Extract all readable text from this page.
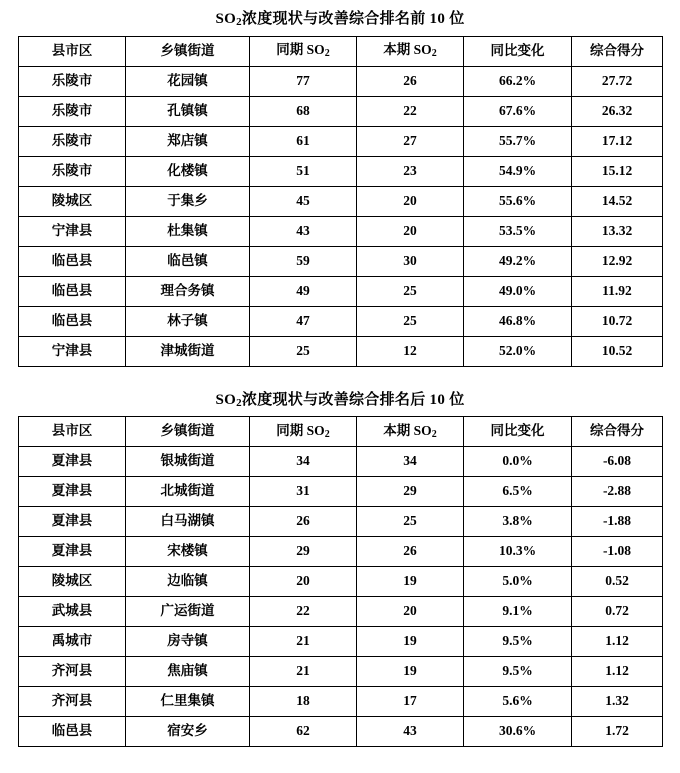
SO2浓度现状与改善综合排名前 10 位
县市区	乡镇街道	同期 $SO_2$	本期 $SO_2$	同比变化	综合得分
乐陵市	花园镇	77	26	66.2%	27.72
乐陵市	孔镇镇	68	22	67.6%	26.32
乐陵市	郑店镇	61	27	55.7%	17.12
乐陵市	化楼镇	51	23	54.9%	15.12
陵城区	于集乡	45	20	55.6%	14.52
宁津县	杜集镇	43	20	53.5%	13.32
临邑县	临邑镇	59	30	49.2%	12.92
临邑县	理合务镇	49	25	49.0%	11.92
临邑县	林子镇	47	25	46.8%	10.72
宁津县	津城街道	25	12	52.0%	10.52
SO2浓度现状与改善综合排名后 10 位
县市区	乡镇街道	同期 $SO_2$	本期 $SO_2$	同比变化	综合得分
夏津县	银城街道	34	34	0.0%	-6.08
夏津县	北城街道	31	29	6.5%	-2.88
夏津县	白马湖镇	26	25	3.8%	-1.88
夏津县	宋楼镇	29	26	10.3%	-1.08
陵城区	边临镇	20	19	5.0%	0.52
武城县	广运街道	22	20	9.1%	0.72
禹城市	房寺镇	21	19	9.5%	1.12
齐河县	焦庙镇	21	19	9.5%	1.12
齐河县	仁里集镇	18	17	5.6%	1.32
临邑县	宿安乡	62	43	30.6%	1.72
